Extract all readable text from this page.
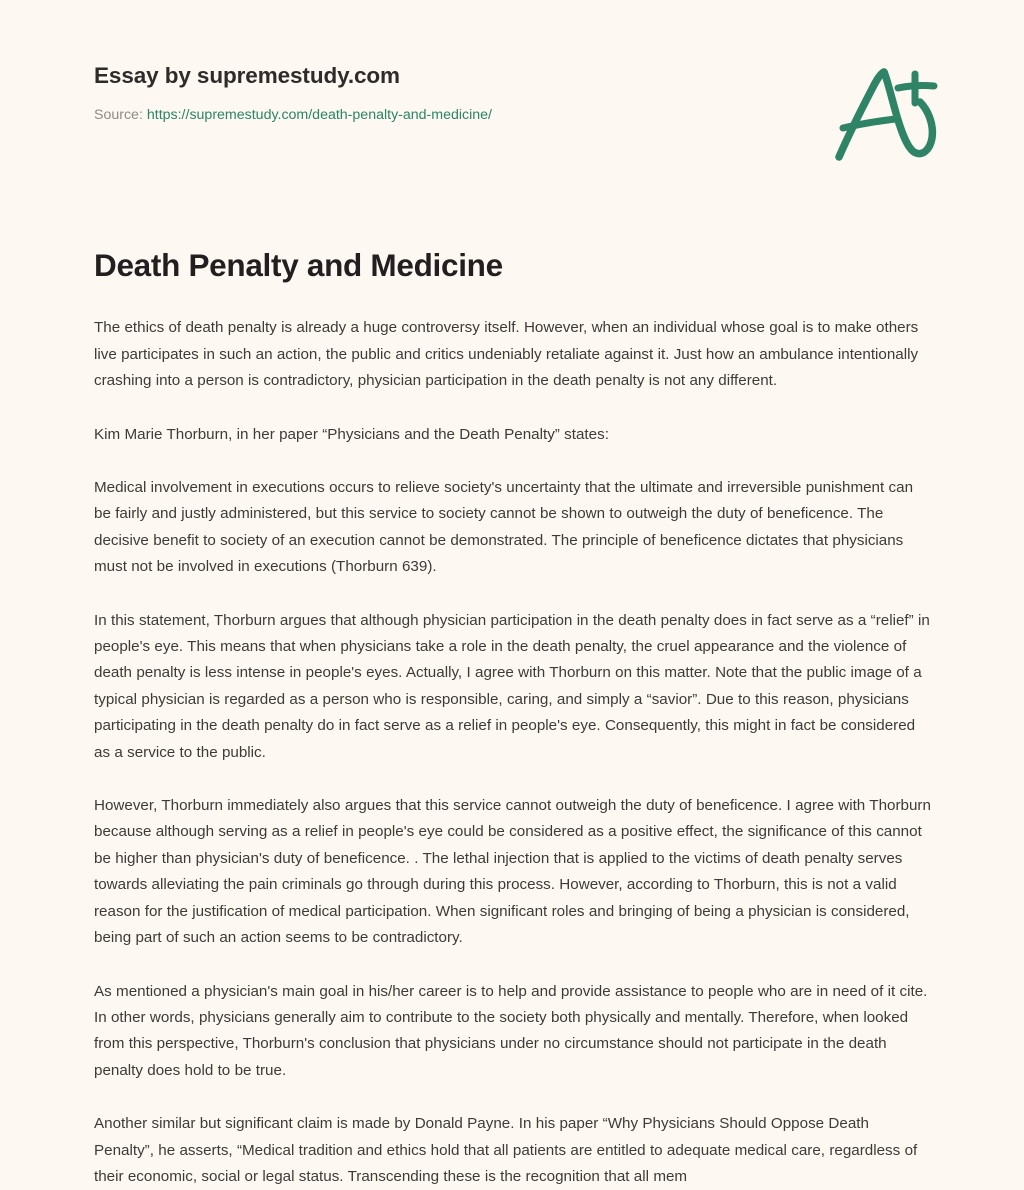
Essay by supremestudy.com
Source: https://supremestudy.com/death-penalty-and-medicine/
Death Penalty and Medicine

The ethics of death penalty is already a huge controversy itself. However, when an individual whose goal is to make others live participates in such an action, the public and critics undeniably retaliate against it. Just how an ambulance intentionally crashing into a person is contradictory, physician participation in the death penalty is not any different.

Kim Marie Thorburn, in her paper “Physicians and the Death Penalty” states:

Medical involvement in executions occurs to relieve society's uncertainty that the ultimate and irreversible punishment can be fairly and justly administered, but this service to society cannot be shown to outweigh the duty of beneficence. The decisive benefit to society of an execution cannot be demonstrated. The principle of beneficence dictates that physicians must not be involved in executions (Thorburn 639).

In this statement, Thorburn argues that although physician participation in the death penalty does in fact serve as a “relief” in people's eye. This means that when physicians take a role in the death penalty, the cruel appearance and the violence of death penalty is less intense in people's eyes. Actually, I agree with Thorburn on this matter. Note that the public image of a typical physician is regarded as a person who is responsible, caring, and simply a “savior”. Due to this reason, physicians participating in the death penalty do in fact serve as a relief in people's eye. Consequently, this might in fact be considered as a service to the public.

However, Thorburn immediately also argues that this service cannot outweigh the duty of beneficence. I agree with Thorburn because although serving as a relief in people's eye could be considered as a positive effect, the significance of this cannot be higher than physician's duty of beneficence. . The lethal injection that is applied to the victims of death penalty serves towards alleviating the pain criminals go through during this process. However, according to Thorburn, this is not a valid reason for the justification of medical participation. When significant roles and bringing of being a physician is considered, being part of such an action seems to be contradictory.

As mentioned a physician's main goal in his/her career is to help and provide assistance to people who are in need of it cite. In other words, physicians generally aim to contribute to the society both physically and mentally. Therefore, when looked from this perspective, Thorburn's conclusion that physicians under no circumstance should not participate in the death penalty does hold to be true.

Another similar but significant claim is made by Donald Payne. In his paper “Why Physicians Should Oppose Death Penalty”, he asserts, “Medical tradition and ethics hold that all patients are entitled to adequate medical care, regardless of their economic, social or legal status. Transcending these is the recognition that all mem
